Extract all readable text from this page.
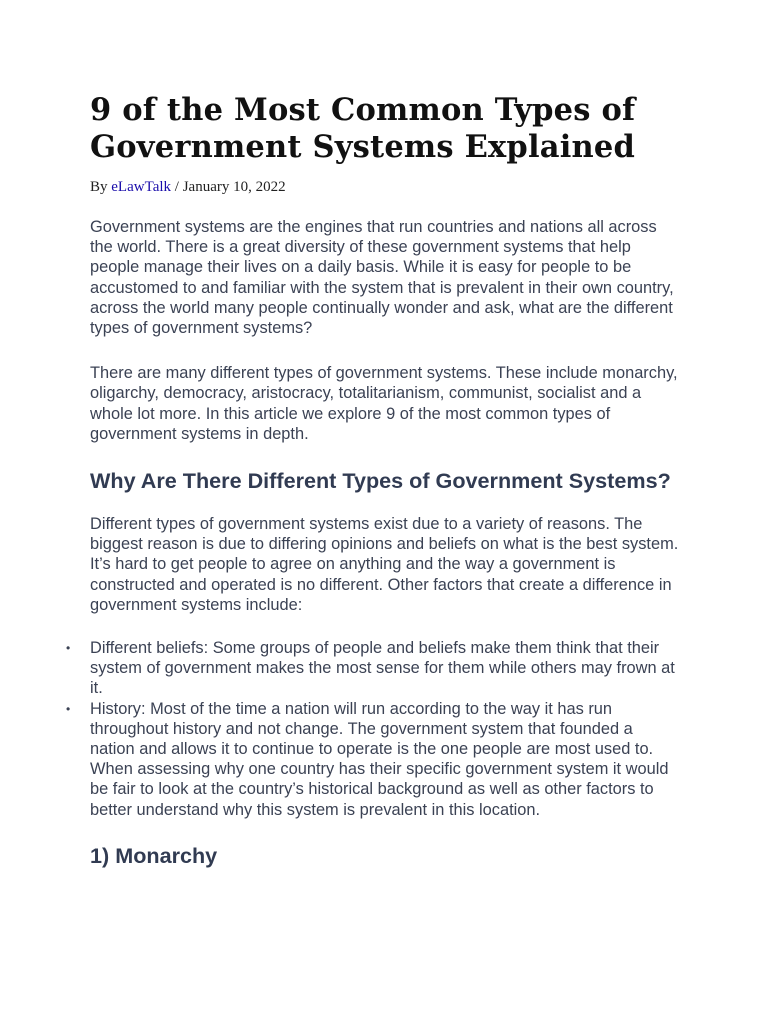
9 of the Most Common Types of Government Systems Explained
By eLawTalk / January 10, 2022

Government systems are the engines that run countries and nations all across the world. There is a great diversity of these government systems that help people manage their lives on a daily basis. While it is easy for people to be accustomed to and familiar with the system that is prevalent in their own country, across the world many people continually wonder and ask, what are the different types of government systems?

There are many different types of government systems. These include monarchy, oligarchy, democracy, aristocracy, totalitarianism, communist, socialist and a whole lot more. In this article we explore 9 of the most common types of government systems in depth.

Why Are There Different Types of Government Systems?

Different types of government systems exist due to a variety of reasons. The biggest reason is due to differing opinions and beliefs on what is the best system. It’s hard to get people to agree on anything and the way a government is constructed and operated is no different. Other factors that create a difference in government systems include:

• Different beliefs: Some groups of people and beliefs make them think that their system of government makes the most sense for them while others may frown at it.
• History: Most of the time a nation will run according to the way it has run throughout history and not change. The government system that founded a nation and allows it to continue to operate is the one people are most used to. When assessing why one country has their specific government system it would be fair to look at the country’s historical background as well as other factors to better understand why this system is prevalent in this location.
1) Monarchy
